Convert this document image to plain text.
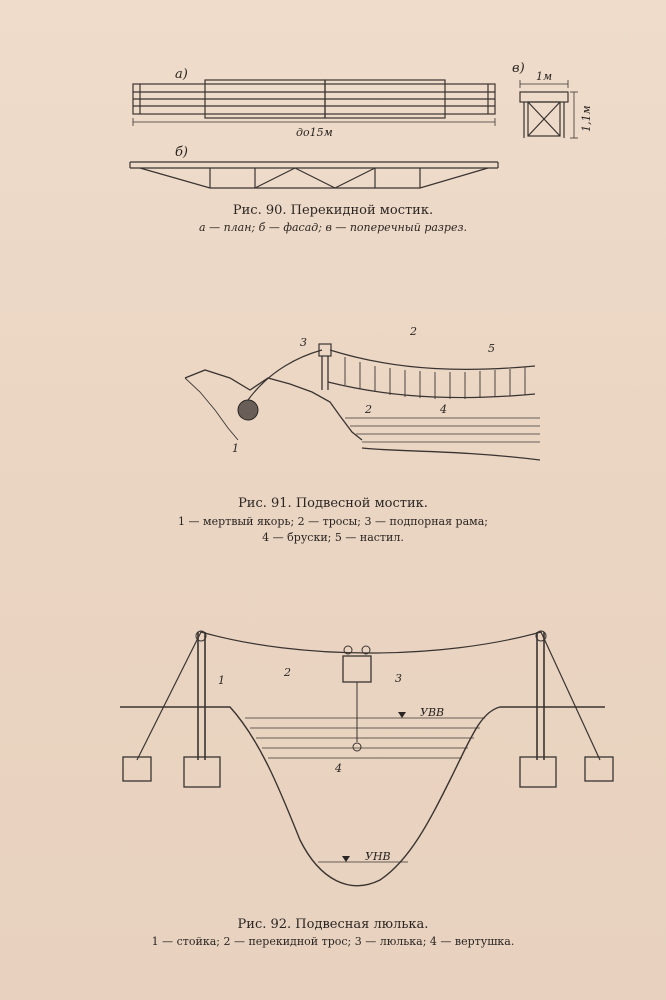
а)
б)
в)
до15м
1м
1,1м
Рис. 90. Перекидной мостик.
а — план; б — фасад; в — поперечный разрез.
1
2
2
3
4
5
Рис. 91. Подвесной мостик.
1 — мертвый якорь; 2 — тросы; 3 — подпорная рама;
4 — бруски; 5 — настил.
1
2	3
4
УВВ
УНВ
Рис. 92. Подвесная люлька.
1 — стойка; 2 — перекидной трос; 3 — люлька; 4 — вертушка.
